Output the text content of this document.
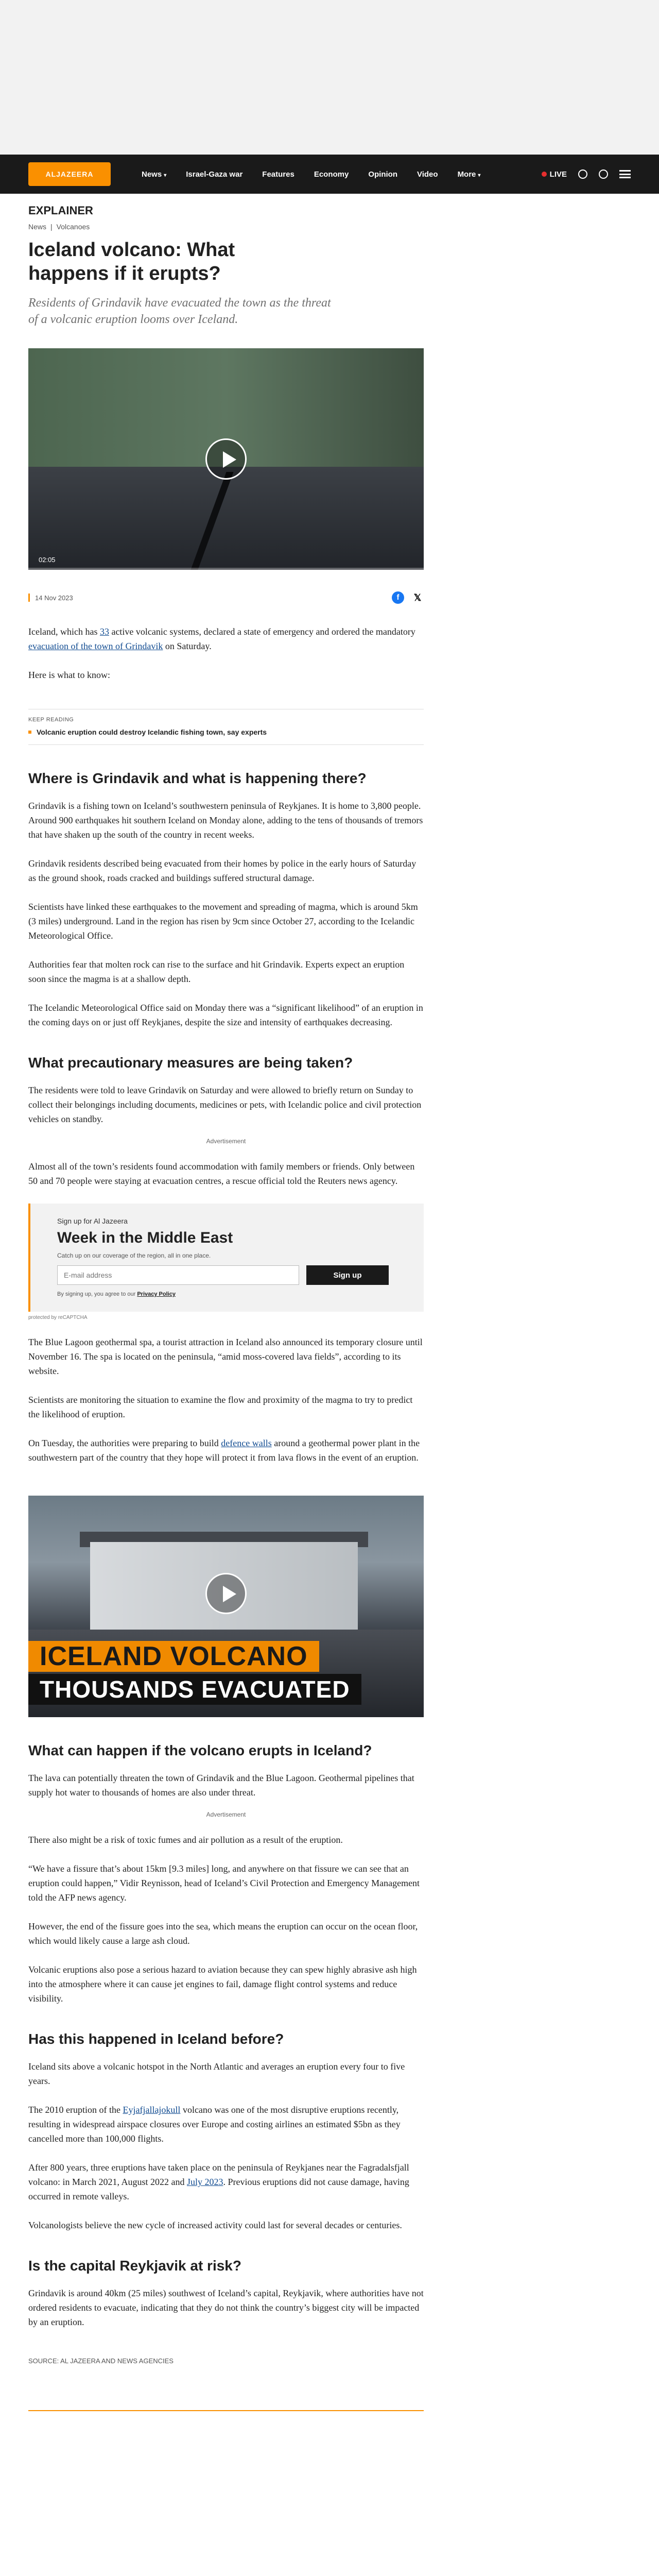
ALJAZEERA	News ▾	Israel-Gaza war	Features	Economy	Opinion	Video	More ▾	LIVE
EXPLAINER
News | Volcanoes
Iceland volcano: What happens if it erupts?

Residents of Grindavik have evacuated the town as the threat of a volcanic eruption looms over Iceland.

02:05
14 Nov 2023	f	𝕏

Iceland, which has 33 active volcanic systems, declared a state of emergency and ordered the mandatory evacuation of the town of Grindavik on Saturday.

Here is what to know:

KEEP READING
Volcanic eruption could destroy Icelandic fishing town, say experts
Where is Grindavik and what is happening there?

Grindavik is a fishing town on Iceland’s southwestern peninsula of Reykjanes. It is home to 3,800 people. Around 900 earthquakes hit southern Iceland on Monday alone, adding to the tens of thousands of tremors that have shaken up the south of the country in recent weeks.

Grindavik residents described being evacuated from their homes by police in the early hours of Saturday as the ground shook, roads cracked and buildings suffered structural damage.

Scientists have linked these earthquakes to the movement and spreading of magma, which is around 5km (3 miles) underground. Land in the region has risen by 9cm since October 27, according to the Icelandic Meteorological Office.

Authorities fear that molten rock can rise to the surface and hit Grindavik. Experts expect an eruption soon since the magma is at a shallow depth.

The Icelandic Meteorological Office said on Monday there was a “significant likelihood” of an eruption in the coming days on or just off Reykjanes, despite the size and intensity of earthquakes decreasing.

What precautionary measures are being taken?

The residents were told to leave Grindavik on Saturday and were allowed to briefly return on Sunday to collect their belongings including documents, medicines or pets, with Icelandic police and civil protection vehicles on standby.

Advertisement

Almost all of the town’s residents found accommodation with family members or friends. Only between 50 and 70 people were staying at evacuation centres, a rescue official told the Reuters news agency.

Sign up for Al Jazeera
Week in the Middle East
Catch up on our coverage of the region, all in one place.
E-mail address
Sign up
By signing up, you agree to our Privacy Policy
protected by reCAPTCHA

The Blue Lagoon geothermal spa, a tourist attraction in Iceland also announced its temporary closure until November 16. The spa is located on the peninsula, “amid moss-covered lava fields”, according to its website.

Scientists are monitoring the situation to examine the flow and proximity of the magma to try to predict the likelihood of eruption.

On Tuesday, the authorities were preparing to build defence walls around a geothermal power plant in the southwestern part of the country that they hope will protect it from lava flows in the event of an eruption.

ICELAND VOLCANO
THOUSANDS EVACUATED
What can happen if the volcano erupts in Iceland?

The lava can potentially threaten the town of Grindavik and the Blue Lagoon. Geothermal pipelines that supply hot water to thousands of homes are also under threat.

Advertisement

There also might be a risk of toxic fumes and air pollution as a result of the eruption.

“We have a fissure that’s about 15km [9.3 miles] long, and anywhere on that fissure we can see that an eruption could happen,” Vidir Reynisson, head of Iceland’s Civil Protection and Emergency Management told the AFP news agency.

However, the end of the fissure goes into the sea, which means the eruption can occur on the ocean floor, which would likely cause a large ash cloud.

Volcanic eruptions also pose a serious hazard to aviation because they can spew highly abrasive ash high into the atmosphere where it can cause jet engines to fail, damage flight control systems and reduce visibility.

Has this happened in Iceland before?

Iceland sits above a volcanic hotspot in the North Atlantic and averages an eruption every four to five years.

The 2010 eruption of the Eyjafjallajokull volcano was one of the most disruptive eruptions recently, resulting in widespread airspace closures over Europe and costing airlines an estimated $5bn as they cancelled more than 100,000 flights.

After 800 years, three eruptions have taken place on the peninsula of Reykjanes near the Fagradalsfjall volcano: in March 2021, August 2022 and July 2023. Previous eruptions did not cause damage, having occurred in remote valleys.

Volcanologists believe the new cycle of increased activity could last for several decades or centuries.

Is the capital Reykjavik at risk?

Grindavik is around 40km (25 miles) southwest of Iceland’s capital, Reykjavik, where authorities have not ordered residents to evacuate, indicating that they do not think the country’s biggest city will be impacted by an eruption.

SOURCE: AL JAZEERA AND NEWS AGENCIES
